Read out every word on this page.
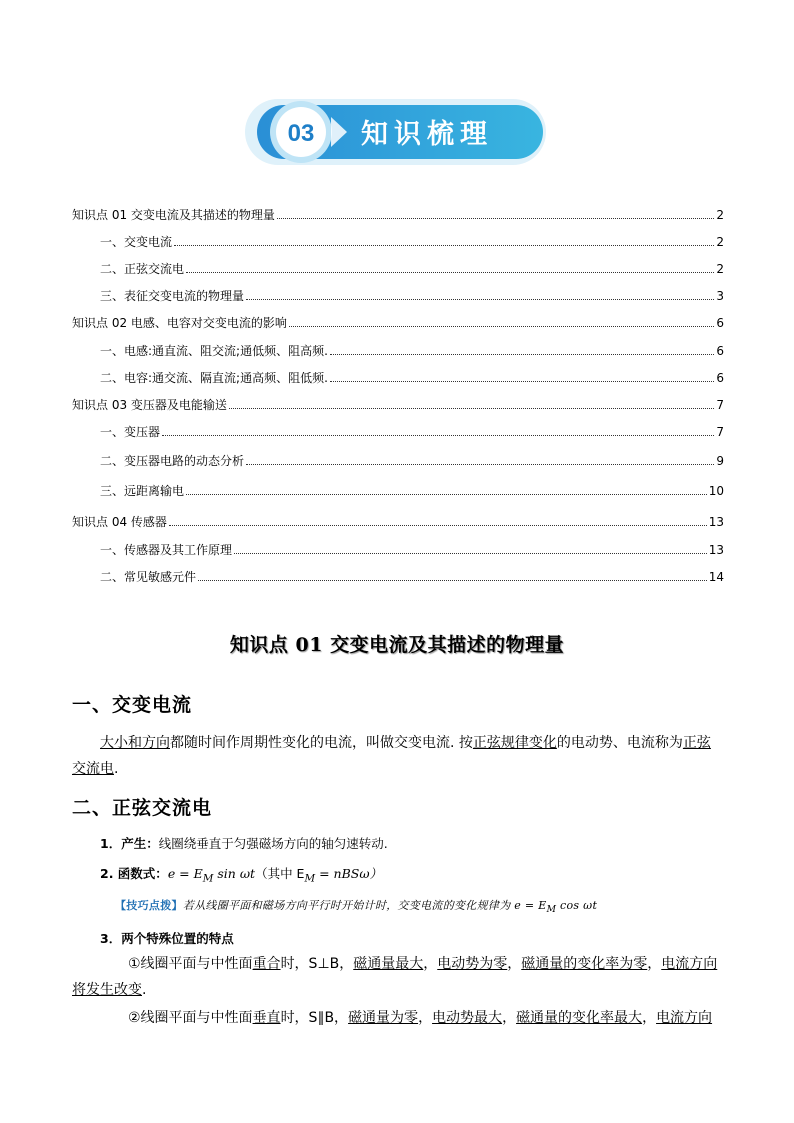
03 知识梳理
知识点 01 交变电流及其描述的物理量	2
一、交变电流	2
二、正弦交流电	2
三、表征交变电流的物理量	3
知识点 02 电感、电容对交变电流的影响	6
一、电感:通直流、阻交流;通低频、阻高频.	6
二、电容:通交流、隔直流;通高频、阻低频.	6
知识点 03 变压器及电能输送	7
一、变压器	7
二、变压器电路的动态分析	9
三、远距离输电	10
知识点 04 传感器	13
一、传感器及其工作原理	13
二、常见敏感元件	14
知识点 01 交变电流及其描述的物理量
一、交变电流
大小和方向都随时间作周期性变化的电流，叫做交变电流. 按正弦规律变化的电动势、电流称为正弦交流电.
二、正弦交流电
1．产生：线圈绕垂直于匀强磁场方向的轴匀速转动.
2. 函数式：$e = E_M$ sin ωt（其中 $E_M = nBS\omega$）
【技巧点拨】若从线圈平面和磁场方向平行时开始计时，交变电流的变化规律为 $e = E_M$ cos ωt
3．两个特殊位置的特点
①线圈平面与中性面重合时，S⊥B，磁通量最大，电动势为零，磁通量的变化率为零，电流方向将发生改变.
②线圈平面与中性面垂直时，S∥B，磁通量为零，电动势最大，磁通量的变化率最大，电流方向
